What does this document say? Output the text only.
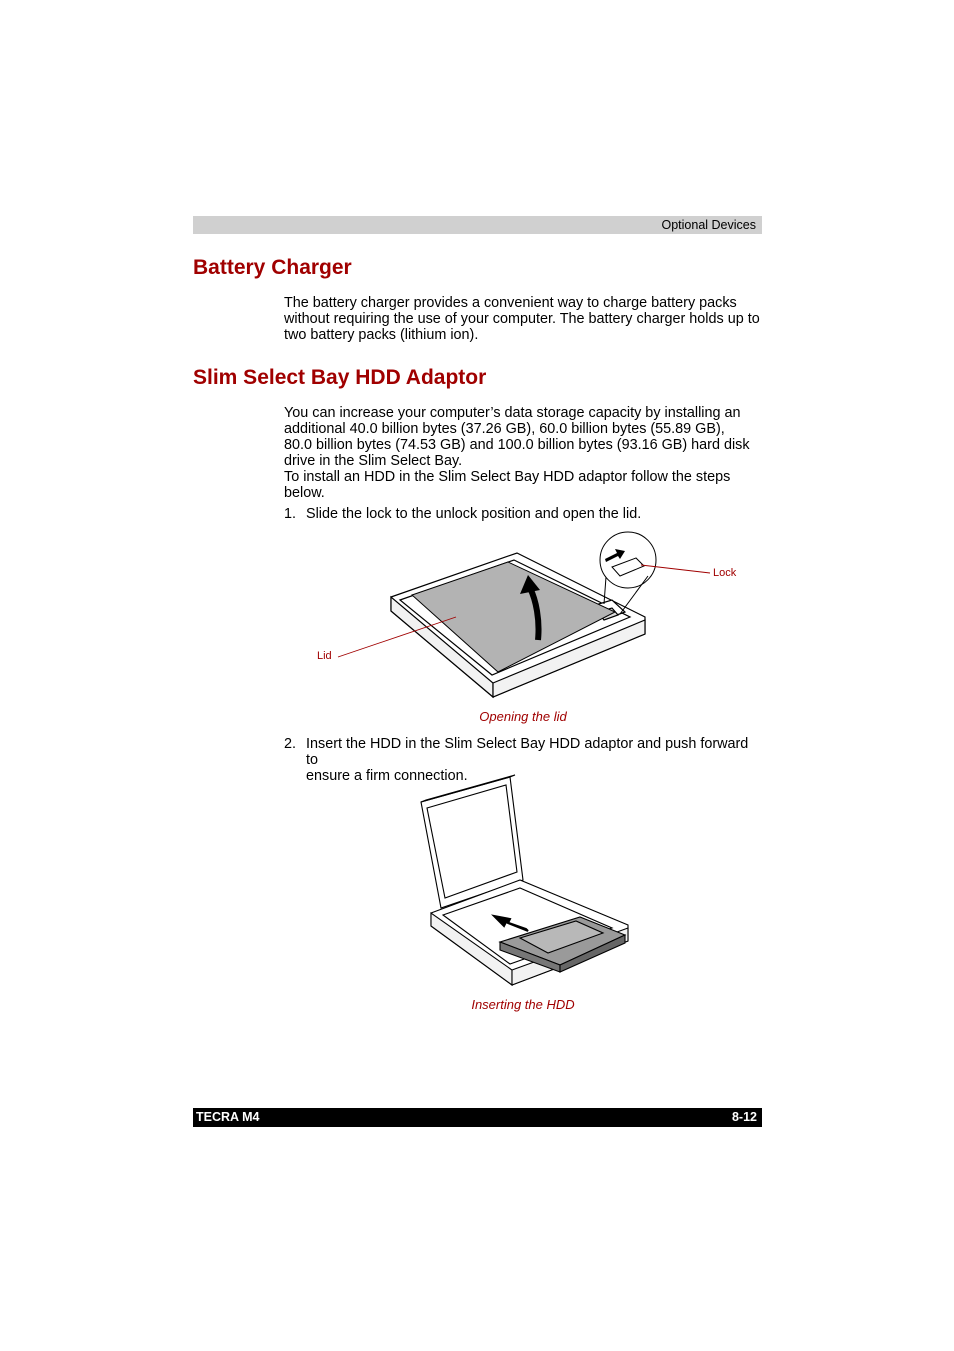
Optional Devices
Battery Charger
The battery charger provides a convenient way to charge battery packs
without requiring the use of your computer. The battery charger holds up to
two battery packs (lithium ion).
Slim Select Bay HDD Adaptor
You can increase your computer’s data storage capacity by installing an
additional 40.0 billion bytes (37.26 GB), 60.0 billion bytes (55.89 GB),
80.0 billion bytes (74.53 GB) and 100.0 billion bytes (93.16 GB) hard disk
drive in the Slim Select Bay.
To install an HDD in the Slim Select Bay HDD adaptor follow the steps
below.
1. Slide the lock to the unlock position and open the lid.
Lock
Lid
Opening the lid
2. Insert the HDD in the Slim Select Bay HDD adaptor and push forward to
ensure a firm connection.
Inserting the HDD
TECRA M4	8-12
